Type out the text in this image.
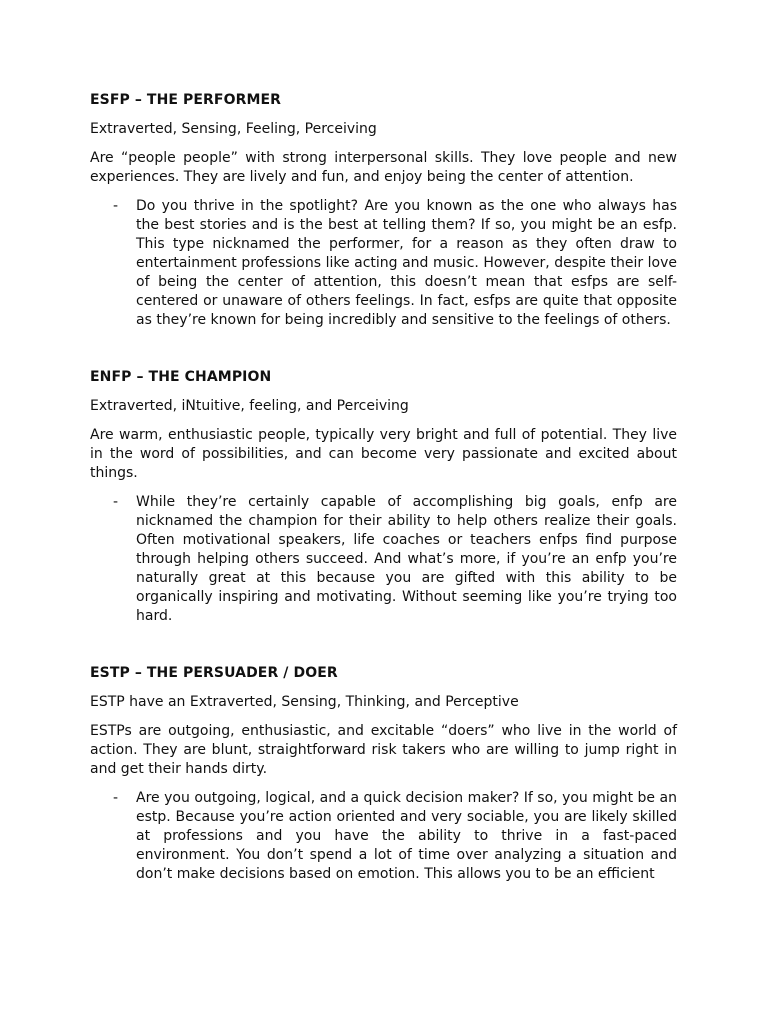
ESFP – THE PERFORMER

Extraverted, Sensing, Feeling, Perceiving

Are “people people” with strong interpersonal skills. They love people and new experiences. They are lively and fun, and enjoy being the center of attention.

-	Do you thrive in the spotlight? Are you known as the one who always has the best stories and is the best at telling them? If so, you might be an esfp. This type nicknamed the performer, for a reason as they often draw to entertainment professions like acting and music. However, despite their love of being the center of attention, this doesn’t mean that esfps are self-centered or unaware of others feelings. In fact, esfps are quite that opposite as they’re known for being incredibly and sensitive to the feelings of others.

ENFP – THE CHAMPION

Extraverted, iNtuitive, feeling, and Perceiving

Are warm, enthusiastic people, typically very bright and full of potential. They live in the word of possibilities, and can become very passionate and excited about things.

-	While they’re certainly capable of accomplishing big goals, enfp are nicknamed the champion for their ability to help others realize their goals. Often motivational speakers, life coaches or teachers enfps find purpose through helping others succeed. And what’s more, if you’re an enfp you’re naturally great at this because you are gifted with this ability to be organically inspiring and motivating. Without seeming like you’re trying too hard.

ESTP – THE PERSUADER / DOER

ESTP have an Extraverted, Sensing, Thinking, and Perceptive

ESTPs are outgoing, enthusiastic, and excitable “doers” who live in the world of action. They are blunt, straightforward risk takers who are willing to jump right in and get their hands dirty.

-	Are you outgoing, logical, and a quick decision maker? If so, you might be an estp. Because you’re action oriented and very sociable, you are likely skilled at professions and you have the ability to thrive in a fast-paced environment. You don’t spend a lot of time over analyzing a situation and don’t make decisions based on emotion. This allows you to be an efficient
